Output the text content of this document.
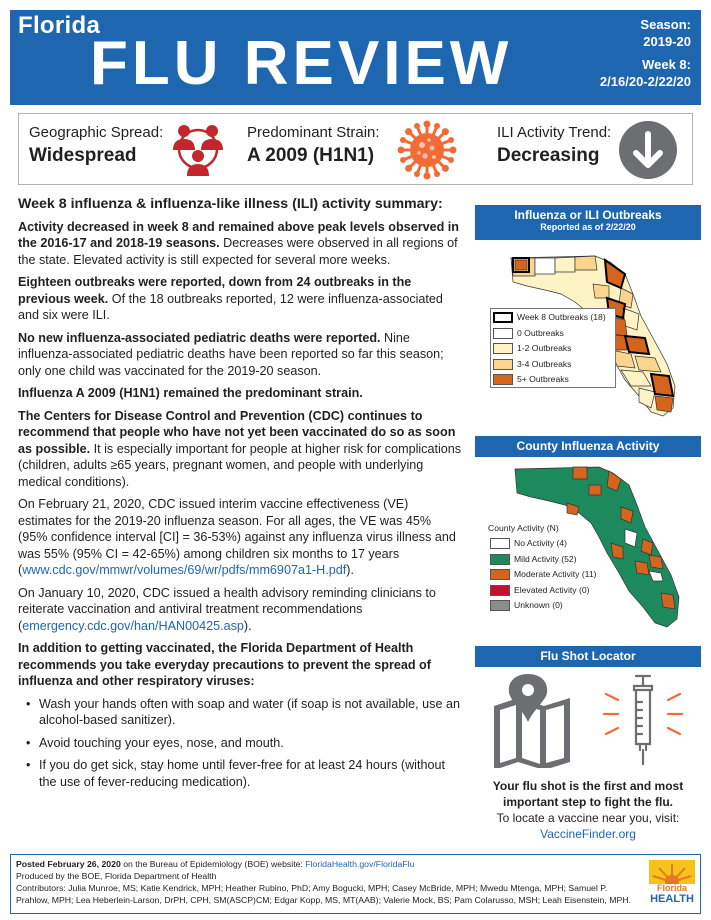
Florida
FLU REVIEW
Season:
2019-20

Week 8:
2/16/20-2/22/20
Geographic Spread:
Widespread
Predominant Strain:
A 2009 (H1N1)
ILI Activity Trend:
Decreasing
Week 8 influenza & influenza-like illness (ILI) activity summary:

Activity decreased in week 8 and remained above peak levels observed in the 2016-17 and 2018-19 seasons. Decreases were observed in all regions of the state. Elevated activity is still expected for several more weeks.

Eighteen outbreaks were reported, down from 24 outbreaks in the previous week. Of the 18 outbreaks reported, 12 were influenza-associated and six were ILI.

No new influenza-associated pediatric deaths were reported. Nine influenza-associated pediatric deaths have been reported so far this season; only one child was vaccinated for the 2019-20 season.

Influenza A 2009 (H1N1) remained the predominant strain.

The Centers for Disease Control and Prevention (CDC) continues to recommend that people who have not yet been vaccinated do so as soon as possible. It is especially important for people at higher risk for complications (children, adults ≥65 years, pregnant women, and people with underlying medical conditions).

On February 21, 2020, CDC issued interim vaccine effectiveness (VE) estimates for the 2019-20 influenza season. For all ages, the VE was 45% (95% confidence interval [CI] = 36-53%) against any influenza virus illness and was 55% (95% CI = 42-65%) among children six months to 17 years (www.cdc.gov/mmwr/volumes/69/wr/pdfs/mm6907a1-H.pdf).

On January 10, 2020, CDC issued a health advisory reminding clinicians to reiterate vaccination and antiviral treatment recommendations (emergency.cdc.gov/han/HAN00425.asp).

In addition to getting vaccinated, the Florida Department of Health recommends you take everyday precautions to prevent the spread of influenza and other respiratory viruses:

• Wash your hands often with soap and water (if soap is not available, use an alcohol-based sanitizer).
• Avoid touching your eyes, nose, and mouth.
• If you do get sick, stay home until fever-free for at least 24 hours (without the use of fever-reducing medication).
Influenza or ILI Outbreaks
Reported as of 2/22/20
Week 8 Outbreaks (18)
0 Outbreaks
1-2 Outbreaks
3-4 Outbreaks
5+ Outbreaks
County Influenza Activity
County Activity (N)
No Activity (4)
Mild Activity (52)
Moderate Activity (11)
Elevated Activity (0)
Unknown (0)
Flu Shot Locator
Your flu shot is the first and most important step to fight the flu.
To locate a vaccine near you, visit:
VaccineFinder.org
Posted February 26, 2020 on the Bureau of Epidemiology (BOE) website: FloridaHealth.gov/FloridaFlu
Produced by the BOE, Florida Department of Health
Contributors: Julia Munroe, MS; Katie Kendrick, MPH; Heather Rubino, PhD; Amy Bogucki, MPH; Casey McBride, MPH; Mwedu Mtenga, MPH; Samuel P. Prahlow, MPH; Lea Heberlein-Larson, DrPH, CPH, SM(ASCP)CM; Edgar Kopp, MS, MT(AAB); Valerie Mock, BS; Pam Colarusso, MSH; Leah Eisenstein, MPH.
Florida
HEALTH
